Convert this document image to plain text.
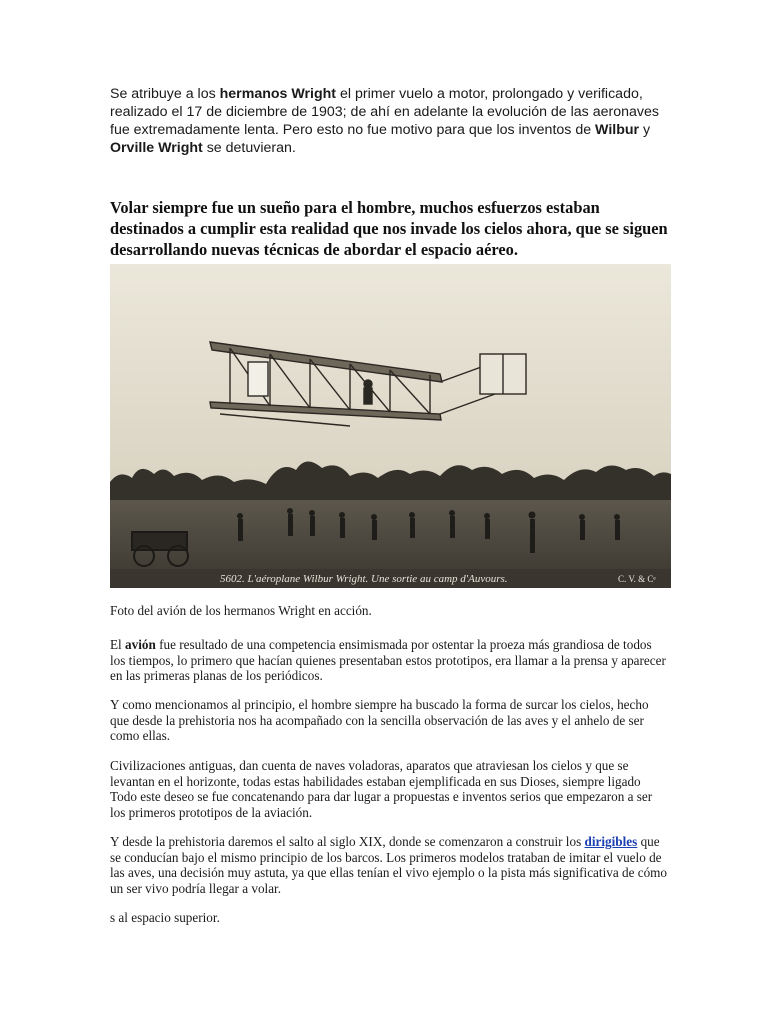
Se atribuye a los hermanos Wright el primer vuelo a motor, prolongado y verificado, realizado el 17 de diciembre de 1903; de ahí en adelante la evolución de las aeronaves fue extremadamente lenta. Pero esto no fue motivo para que los inventos de Wilbur y Orville Wright se detuvieran.

Volar siempre fue un sueño para el hombre, muchos esfuerzos estaban destinados a cumplir esta realidad que nos invade los cielos ahora, que se siguen desarrollando nuevas técnicas de abordar el espacio aéreo.

5602. L'aéroplane Wilbur Wright. Une sortie au camp d'Auvours.	C. V. & Cᵉ

Foto del avión de los hermanos Wright en acción.

El avión fue resultado de una competencia ensimismada por ostentar la proeza más grandiosa de todos los tiempos, lo primero que hacían quienes presentaban estos prototipos, era llamar a la prensa y aparecer en las primeras planas de los periódicos.

Y como mencionamos al principio, el hombre siempre ha buscado la forma de surcar los cielos, hecho que desde la prehistoria nos ha acompañado con la sencilla observación de las aves y el anhelo de ser como ellas.

Civilizaciones antiguas, dan cuenta de naves voladoras, aparatos que atraviesan los cielos y que se levantan en el horizonte, todas estas habilidades estaban ejemplificada en sus Dioses, siempre ligado Todo este deseo se fue concatenando para dar lugar a propuestas e inventos serios que empezaron a ser los primeros prototipos de la aviación.

Y desde la prehistoria daremos el salto al siglo XIX, donde se comenzaron a construir los dirigibles que se conducían bajo el mismo principio de los barcos. Los primeros modelos trataban de imitar el vuelo de las aves, una decisión muy astuta, ya que ellas tenían el vivo ejemplo o la pista más significativa de cómo un ser vivo podría llegar a volar.

s al espacio superior.
